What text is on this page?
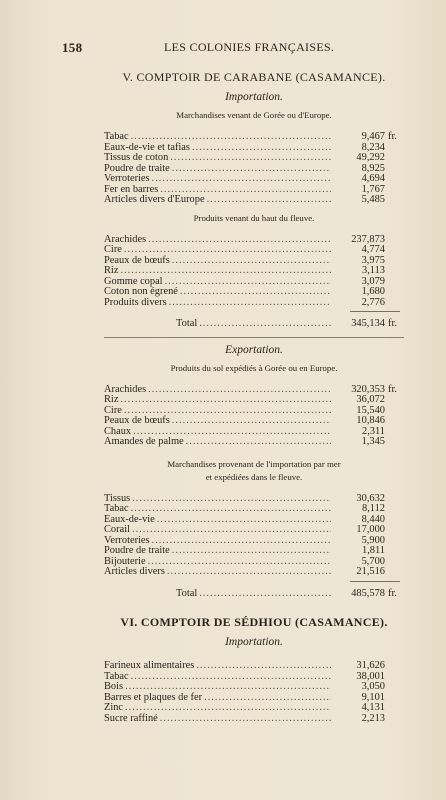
158	LES COLONIES FRANÇAISES.
V. COMPTOIR DE CARABANE (CASAMANCE).
Importation.
Marchandises venant de Gorée ou d'Europe.
Tabac .....	9,467 fr.
Eaux-de-vie et tafias .....	8,234
Tissus de coton .....	49,292
Poudre de traite .....	8,925
Verroteries .....	4,694
Fer en barres .....	1,767
Articles divers d'Europe .....	5,485
Produits venant du haut du fleuve.
Arachides .....	237,873
Cire .....	4,774
Peaux de bœufs .....	3,975
Riz .....	3,113
Gomme copal .....	3,079
Coton non égrené .....	1,680
Produits divers .....	2,776
Total .....	345,134 fr.
Exportation.
Produits du sol expédiés à Gorée ou en Europe.
Arachides .....	320,353 fr.
Riz .....	36,072
Cire .....	15,540
Peaux de bœufs .....	10,846
Chaux .....	2,311
Amandes de palme .....	1,345
Marchandises provenant de l'importation par mer
et expédiées dans le fleuve.
Tissus .....	30,632
Tabac .....	8,112
Eaux-de-vie .....	8,440
Corail .....	17,000
Verroteries .....	5,900
Poudre de traite .....	1,811
Bijouterie .....	5,700
Articles divers .....	21,516
Total .....	485,578 fr.
VI. COMPTOIR DE SÉDHIOU (CASAMANCE).
Importation.
Farineux alimentaires .....	31,626
Tabac .....	38,001
Bois .....	3,050
Barres et plaques de fer .....	9,101
Zinc .....	4,131
Sucre raffiné .....	2,213
